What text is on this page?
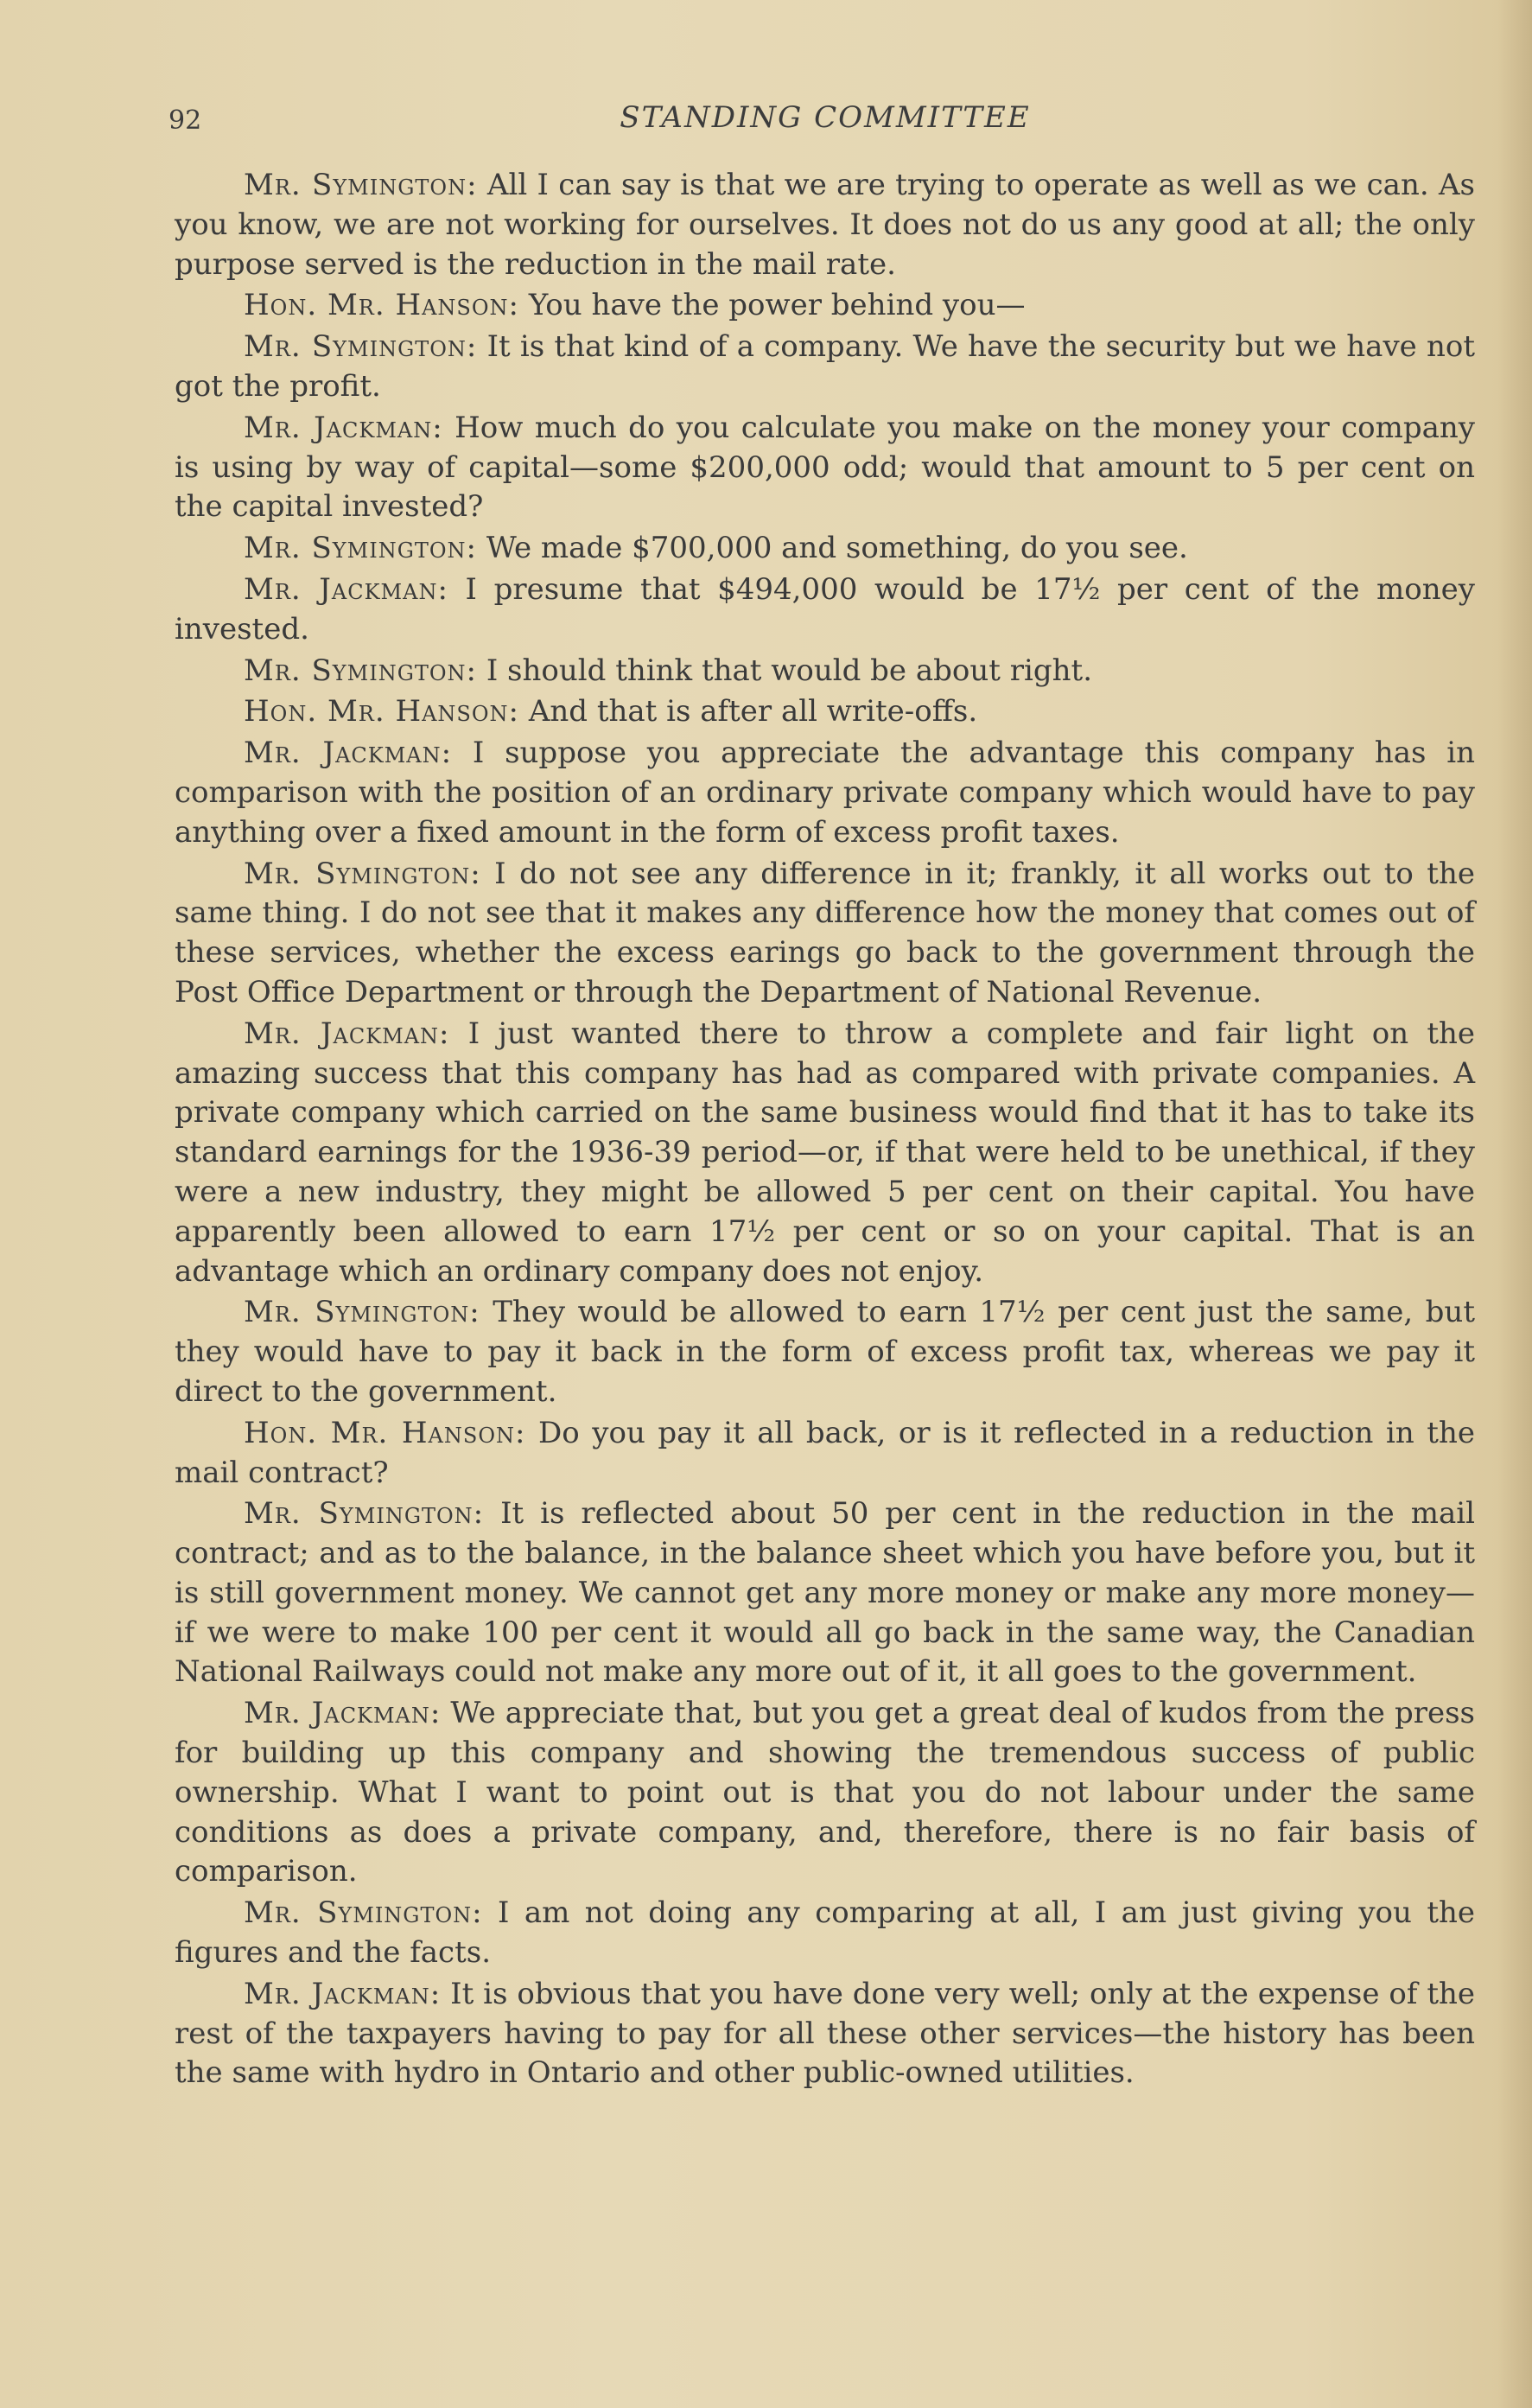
92	STANDING COMMITTEE

Mr. Symington: All I can say is that we are trying to operate as well as we can. As you know, we are not working for ourselves. It does not do us any good at all; the only purpose served is the reduction in the mail rate.

Hon. Mr. Hanson: You have the power behind you—

Mr. Symington: It is that kind of a company. We have the security but we have not got the profit.

Mr. Jackman: How much do you calculate you make on the money your company is using by way of capital—some $200,000 odd; would that amount to 5 per cent on the capital invested?

Mr. Symington: We made $700,000 and something, do you see.

Mr. Jackman: I presume that $494,000 would be 17½ per cent of the money invested.

Mr. Symington: I should think that would be about right.

Hon. Mr. Hanson: And that is after all write-offs.

Mr. Jackman: I suppose you appreciate the advantage this company has in comparison with the position of an ordinary private company which would have to pay anything over a fixed amount in the form of excess profit taxes.

Mr. Symington: I do not see any difference in it; frankly, it all works out to the same thing. I do not see that it makes any difference how the money that comes out of these services, whether the excess earings go back to the government through the Post Office Department or through the Department of National Revenue.

Mr. Jackman: I just wanted there to throw a complete and fair light on the amazing success that this company has had as compared with private companies. A private company which carried on the same business would find that it has to take its standard earnings for the 1936-39 period—or, if that were held to be unethical, if they were a new industry, they might be allowed 5 per cent on their capital. You have apparently been allowed to earn 17½ per cent or so on your capital. That is an advantage which an ordinary company does not enjoy.

Mr. Symington: They would be allowed to earn 17½ per cent just the same, but they would have to pay it back in the form of excess profit tax, whereas we pay it direct to the government.

Hon. Mr. Hanson: Do you pay it all back, or is it reflected in a reduction in the mail contract?

Mr. Symington: It is reflected about 50 per cent in the reduction in the mail contract; and as to the balance, in the balance sheet which you have before you, but it is still government money. We cannot get any more money or make any more money—if we were to make 100 per cent it would all go back in the same way, the Canadian National Railways could not make any more out of it, it all goes to the government.

Mr. Jackman: We appreciate that, but you get a great deal of kudos from the press for building up this company and showing the tremendous success of public ownership. What I want to point out is that you do not labour under the same conditions as does a private company, and, therefore, there is no fair basis of comparison.

Mr. Symington: I am not doing any comparing at all, I am just giving you the figures and the facts.

Mr. Jackman: It is obvious that you have done very well; only at the expense of the rest of the taxpayers having to pay for all these other services—the history has been the same with hydro in Ontario and other public-owned utilities.
